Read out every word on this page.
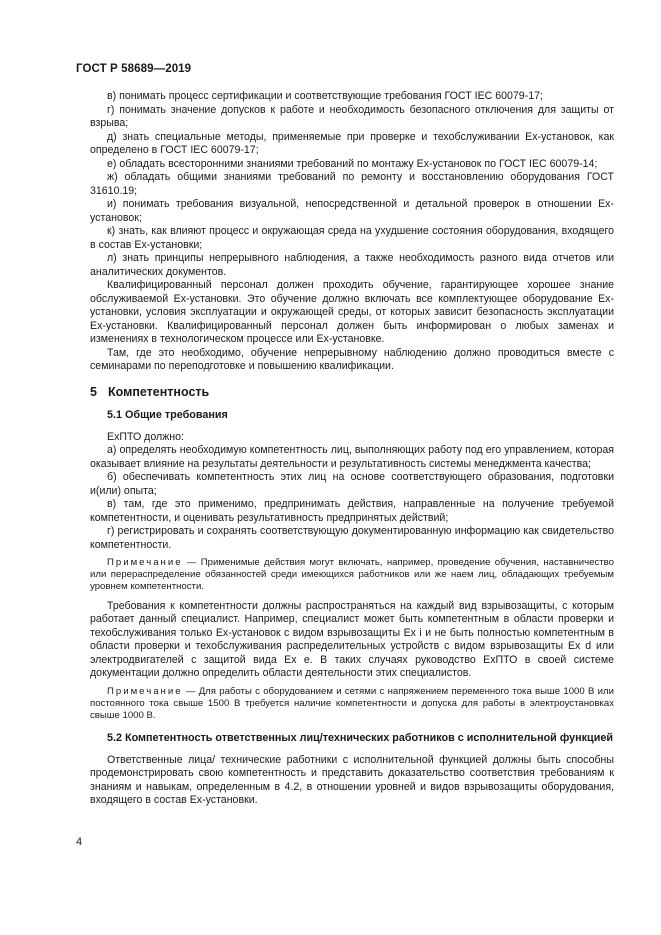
ГОСТ Р 58689—2019

в) понимать процесс сертификации и соответствующие требования ГОСТ IEC 60079-17;

г) понимать значение допусков к работе и необходимость безопасного отключения для защиты от взрыва;

д) знать специальные методы, применяемые при проверке и техобслуживании Ex-установок, как определено в ГОСТ IEC 60079-17;

е) обладать всесторонними знаниями требований по монтажу Ex-установок по ГОСТ IEC 60079-14;

ж) обладать общими знаниями требований по ремонту и восстановлению оборудования ГОСТ 31610.19;

и) понимать требования визуальной, непосредственной и детальной проверок в отношении Ex-установок;

к) знать, как влияют процесс и окружающая среда на ухудшение состояния оборудования, входящего в состав Ex-установки;

л) знать принципы непрерывного наблюдения, а также необходимость разного вида отчетов или аналитических документов.

Квалифицированный персонал должен проходить обучение, гарантирующее хорошее знание обслуживаемой Ex-установки. Это обучение должно включать все комплектующее оборудование Ex-установки, условия эксплуатации и окружающей среды, от которых зависит безопасность эксплуатации Ex-установки. Квалифицированный персонал должен быть информирован о любых заменах и изменениях в технологическом процессе или Ex-установке.

Там, где это необходимо, обучение непрерывному наблюдению должно проводиться вместе с семинарами по переподготовке и повышению квалификации.

5 Компетентность
5.1 Общие требования

ЕхПТО должно:

а) определять необходимую компетентность лиц, выполняющих работу под его управлением, которая оказывает влияние на результаты деятельности и результативность системы менеджмента качества;

б) обеспечивать компетентность этих лиц на основе соответствующего образования, подготовки и(или) опыта;

в) там, где это применимо, предпринимать действия, направленные на получение требуемой компетентности, и оценивать результативность предпринятых действий;

г) регистрировать и сохранять соответствующую документированную информацию как свидетельство компетентности.

Примечание — Применимые действия могут включать, например, проведение обучения, наставничество или перераспределение обязанностей среди имеющихся работников или же наем лиц, обладающих требуемым уровнем компетентности.

Требования к компетентности должны распространяться на каждый вид взрывозащиты, с которым работает данный специалист. Например, специалист может быть компетентным в области проверки и техобслуживания только Ex-установок с видом взрывозащиты Ex i и не быть полностью компетентным в области проверки и техобслуживания распределительных устройств с видом взрывозащиты Ex d или электродвигателей с защитой вида Ex e. В таких случаях руководство ЕхПТО в своей системе документации должно определить области деятельности этих специалистов.

Примечание — Для работы с оборудованием и сетями с напряжением переменного тока выше 1000 В или постоянного тока свыше 1500 В требуется наличие компетентности и допуска для работы в электроустановках свыше 1000 В.

5.2 Компетентность ответственных лиц/технических работников с исполнительной функцией

Ответственные лица/ технические работники с исполнительной функцией должны быть способны продемонстрировать свою компетентность и представить доказательство соответствия требованиям к знаниям и навыкам, определенным в 4.2, в отношении уровней и видов взрывозащиты оборудования, входящего в состав Ex-установки.

4
